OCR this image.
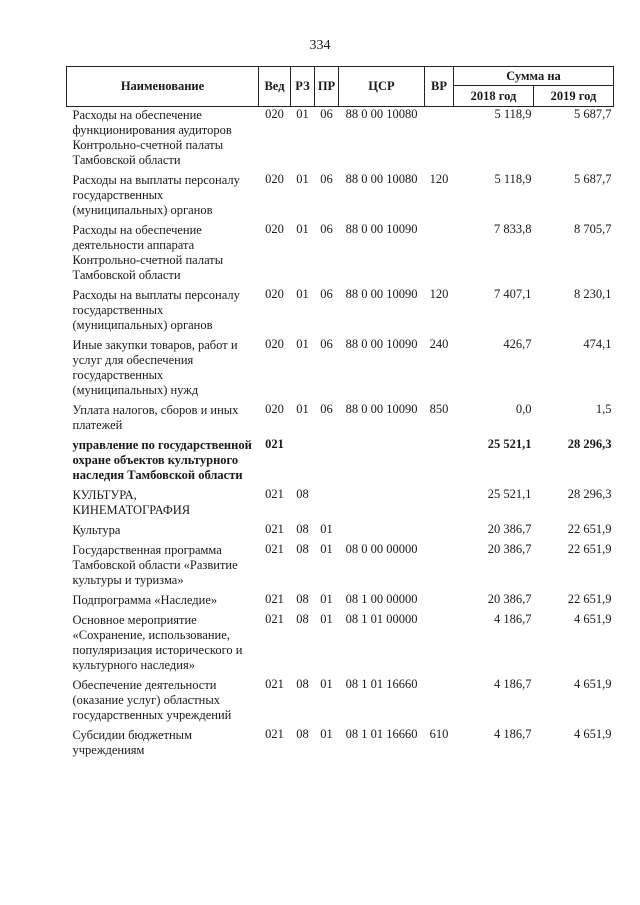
334
Наименование	Вед	РЗ	ПР	ЦСР	ВР	Сумма на	
						2018 год	2019 год
Расходы на обеспечение функционирования аудиторов Контрольно-счетной палаты Тамбовской области	020	01	06	88 0 00 10080		5 118,9	5 687,7
Расходы на выплаты персоналу государственных (муниципальных) органов	020	01	06	88 0 00 10080	120	5 118,9	5 687,7
Расходы на обеспечение деятельности аппарата Контрольно-счетной палаты Тамбовской области	020	01	06	88 0 00 10090		7 833,8	8 705,7
Расходы на выплаты персоналу государственных (муниципальных) органов	020	01	06	88 0 00 10090	120	7 407,1	8 230,1
Иные закупки товаров, работ и услуг для обеспечения государственных (муниципальных) нужд	020	01	06	88 0 00 10090	240	426,7	474,1
Уплата налогов, сборов и иных платежей	020	01	06	88 0 00 10090	850	0,0	1,5
управление по государственной охране объектов культурного наследия Тамбовской области	021					25 521,1	28 296,3
КУЛЬТУРА, КИНЕМАТОГРАФИЯ	021	08				25 521,1	28 296,3
Культура	021	08	01			20 386,7	22 651,9
Государственная программа Тамбовской области «Развитие культуры и туризма»	021	08	01	08 0 00 00000		20 386,7	22 651,9
Подпрограмма «Наследие»	021	08	01	08 1 00 00000		20 386,7	22 651,9
Основное мероприятие «Сохранение, использование, популяризация исторического и культурного наследия»	021	08	01	08 1 01 00000		4 186,7	4 651,9
Обеспечение деятельности (оказание услуг) областных государственных учреждений	021	08	01	08 1 01 16660		4 186,7	4 651,9
Субсидии бюджетным учреждениям	021	08	01	08 1 01 16660	610	4 186,7	4 651,9
